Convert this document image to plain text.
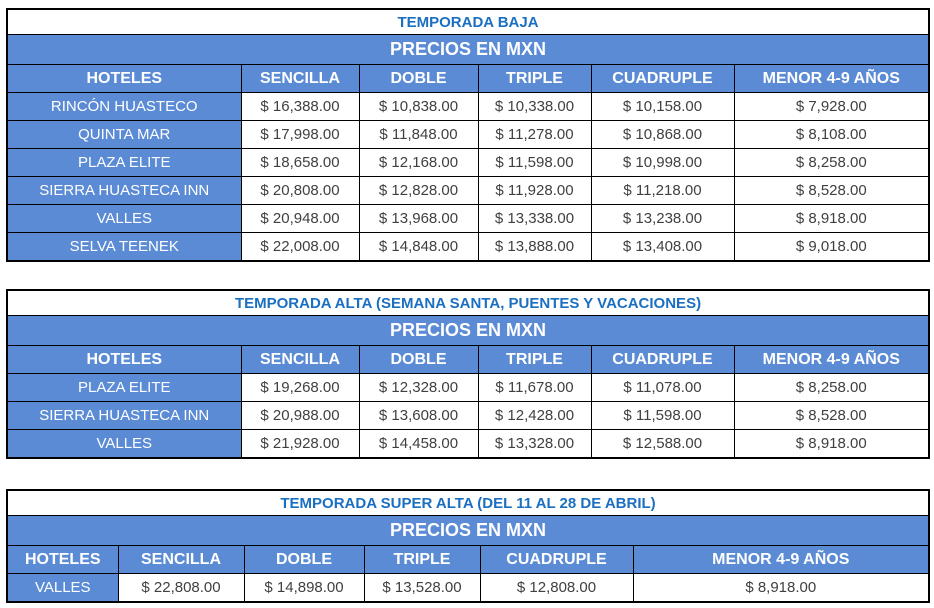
TEMPORADA BAJA					
PRECIOS EN MXN					
HOTELES	SENCILLA	DOBLE	TRIPLE	CUADRUPLE	MENOR 4-9 AÑOS
RINCÓN HUASTECO	$ 16,388.00	$ 10,838.00	$ 10,338.00	$ 10,158.00	$ 7,928.00
QUINTA MAR	$ 17,998.00	$ 11,848.00	$ 11,278.00	$ 10,868.00	$ 8,108.00
PLAZA ELITE	$ 18,658.00	$ 12,168.00	$ 11,598.00	$ 10,998.00	$ 8,258.00
SIERRA HUASTECA INN	$ 20,808.00	$ 12,828.00	$ 11,928.00	$ 11,218.00	$ 8,528.00
VALLES	$ 20,948.00	$ 13,968.00	$ 13,338.00	$ 13,238.00	$ 8,918.00
SELVA TEENEK	$ 22,008.00	$ 14,848.00	$ 13,888.00	$ 13,408.00	$ 9,018.00
TEMPORADA ALTA (SEMANA SANTA, PUENTES Y VACACIONES)					
PRECIOS EN MXN					
HOTELES	SENCILLA	DOBLE	TRIPLE	CUADRUPLE	MENOR 4-9 AÑOS
PLAZA ELITE	$ 19,268.00	$ 12,328.00	$ 11,678.00	$ 11,078.00	$ 8,258.00
SIERRA HUASTECA INN	$ 20,988.00	$ 13,608.00	$ 12,428.00	$ 11,598.00	$ 8,528.00
VALLES	$ 21,928.00	$ 14,458.00	$ 13,328.00	$ 12,588.00	$ 8,918.00
TEMPORADA SUPER ALTA (DEL 11 AL 28 DE ABRIL)					
PRECIOS EN MXN					
HOTELES	SENCILLA	DOBLE	TRIPLE	CUADRUPLE	MENOR 4-9 AÑOS
VALLES	$ 22,808.00	$ 14,898.00	$ 13,528.00	$ 12,808.00	$ 8,918.00
